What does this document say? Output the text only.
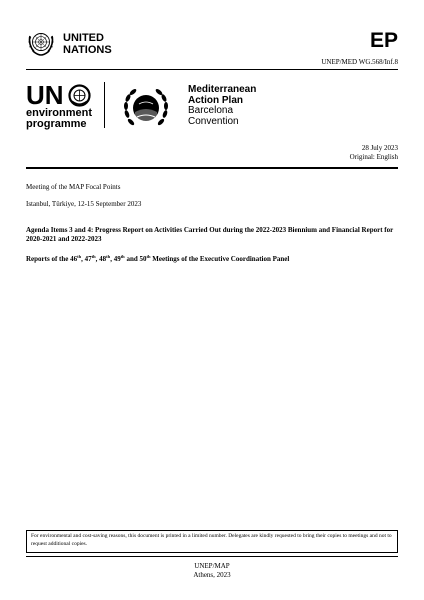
UNITED
NATIONS	EP
UNEP/MED WG.568/Inf.8
UN
environment
programme
Mediterranean
Action Plan
Barcelona
Convention
28 July 2023
Original: English
Meeting of the MAP Focal Points
Istanbul, Türkiye, 12-15 September 2023
Agenda Items 3 and 4: Progress Report on Activities Carried Out during the 2022-2023 Biennium and Financial Report for 2020-2021 and 2022-2023
Reports of the 46th, 47th, 48th, 49th and 50th Meetings of the Executive Coordination Panel
For environmental and cost-saving reasons, this document is printed in a limited number. Delegates are kindly requested to bring their copies to meetings and not to request additional copies.
UNEP/MAP
Athens, 2023
